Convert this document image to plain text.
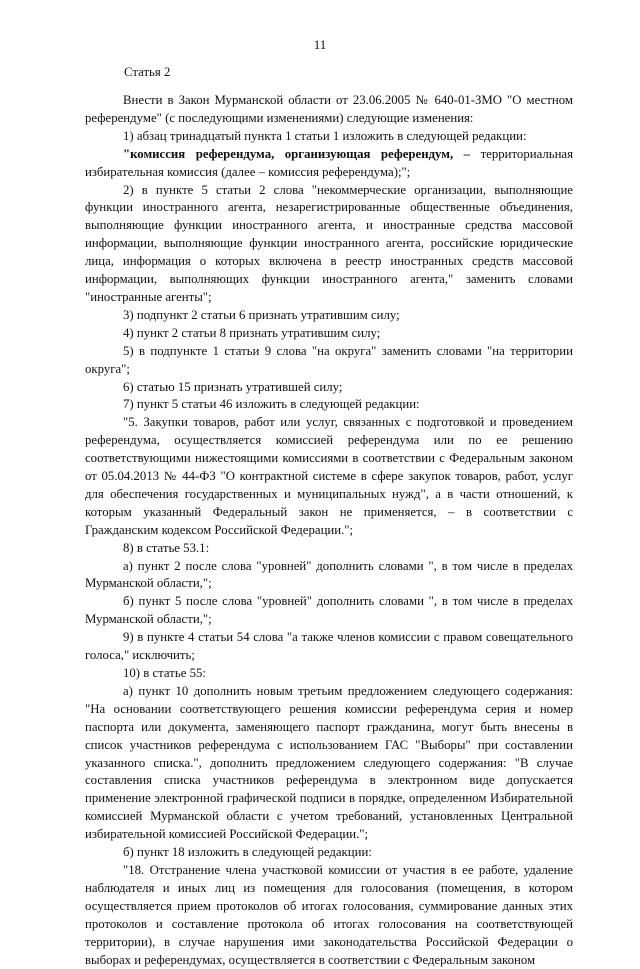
11
Статья 2

Внести в Закон Мурманской области от 23.06.2005 № 640-01-ЗМО "О местном референдуме" (с последующими изменениями) следующие изменения:

1) абзац тринадцатый пункта 1 статьи 1 изложить в следующей редакции:

"комиссия референдума, организующая референдум, – территориальная избирательная комиссия (далее – комиссия референдума);";

2) в пункте 5 статьи 2 слова "некоммерческие организации, выполняющие функции иностранного агента, незарегистрированные общественные объединения, выполняющие функции иностранного агента, и иностранные средства массовой информации, выполняющие функции иностранного агента, российские юридические лица, информация о которых включена в реестр иностранных средств массовой информации, выполняющих функции иностранного агента," заменить словами "иностранные агенты";

3) подпункт 2 статьи 6 признать утратившим силу;

4) пункт 2 статьи 8 признать утратившим силу;

5) в подпункте 1 статьи 9 слова "на округа" заменить словами "на территории округа";

6) статью 15 признать утратившей силу;

7) пункт 5 статьи 46 изложить в следующей редакции:

"5. Закупки товаров, работ или услуг, связанных с подготовкой и проведением референдума, осуществляется комиссией референдума или по ее решению соответствующими нижестоящими комиссиями в соответствии с Федеральным законом от 05.04.2013 № 44-ФЗ "О контрактной системе в сфере закупок товаров, работ, услуг для обеспечения государственных и муниципальных нужд", а в части отношений, к которым указанный Федеральный закон не применяется, – в соответствии с Гражданским кодексом Российской Федерации.";

8) в статье 53.1:

а) пункт 2 после слова "уровней" дополнить словами ", в том числе в пределах Мурманской области,";

б) пункт 5 после слова "уровней" дополнить словами ", в том числе в пределах Мурманской области,";

9) в пункте 4 статьи 54 слова "а также членов комиссии с правом совещательного голоса," исключить;

10) в статье 55:

а) пункт 10 дополнить новым третьим предложением следующего содержания: "На основании соответствующего решения комиссии референдума серия и номер паспорта или документа, заменяющего паспорт гражданина, могут быть внесены в список участников референдума с использованием ГАС "Выборы" при составлении указанного списка.", дополнить предложением следующего содержания: "В случае составления списка участников референдума в электронном виде допускается применение электронной графической подписи в порядке, определенном Избирательной комиссией Мурманской области с учетом требований, установленных Центральной избирательной комиссией Российской Федерации.";

б) пункт 18 изложить в следующей редакции:

"18. Отстранение члена участковой комиссии от участия в ее работе, удаление наблюдателя и иных лиц из помещения для голосования (помещения, в котором осуществляется прием протоколов об итогах голосования, суммирование данных этих протоколов и составление протокола об итогах голосования на соответствующей территории), в случае нарушения ими законодательства Российской Федерации о выборах и референдумах, осуществляется в соответствии с Федеральным законом
